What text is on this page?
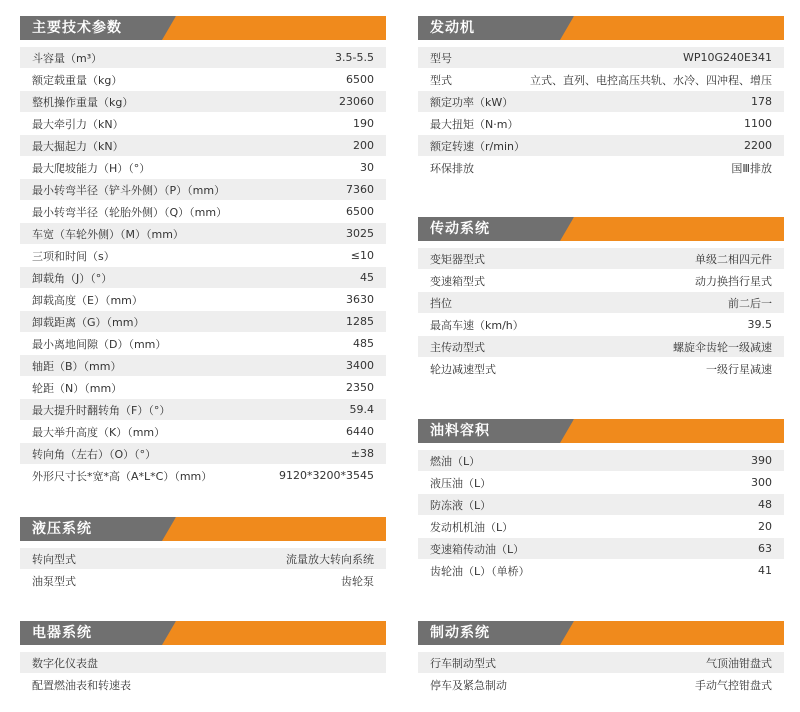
主要技术参数
斗容量（m³）	3.5-5.5
额定载重量（kg）	6500
整机操作重量（kg）	23060
最大牵引力（kN）	190
最大掘起力（kN）	200
最大爬坡能力（H）（°）	30
最小转弯半径（铲斗外侧）（P）（mm）	7360
最小转弯半径（轮胎外侧）（Q）（mm）	6500
车宽（车轮外侧）（M）（mm）	3025
三项和时间（s）	≤10
卸载角（J）（°）	45
卸载高度（E）（mm）	3630
卸载距离（G）（mm）	1285
最小离地间隙（D）（mm）	485
轴距（B）（mm）	3400
轮距（N）（mm）	2350
最大提升时翻转角（F）（°）	59.4
最大举升高度（K）（mm）	6440
转向角（左右）（O）（°）	±38
外形尺寸长*宽*高（A*L*C）（mm）	9120*3200*3545
液压系统
转向型式	流量放大转向系统
油泵型式	齿轮泵
电器系统
数字化仪表盘
配置燃油表和转速表
发动机
型号	WP10G240E341
型式	立式、直列、电控高压共轨、水冷、四冲程、增压
额定功率（kW）	178
最大扭矩（N·m）	1100
额定转速（r/min）	2200
环保排放	国Ⅲ排放
传动系统
变矩器型式	单级二相四元件
变速箱型式	动力换挡行星式
挡位	前二后一
最高车速（km/h）	39.5
主传动型式	螺旋伞齿轮一级减速
轮边减速型式	一级行星减速
油料容积
燃油（L）	390
液压油（L）	300
防冻液（L）	48
发动机机油（L）	20
变速箱传动油（L）	63
齿轮油（L）（单桥）	41
制动系统
行车制动型式	气顶油钳盘式
停车及紧急制动	手动气控钳盘式
